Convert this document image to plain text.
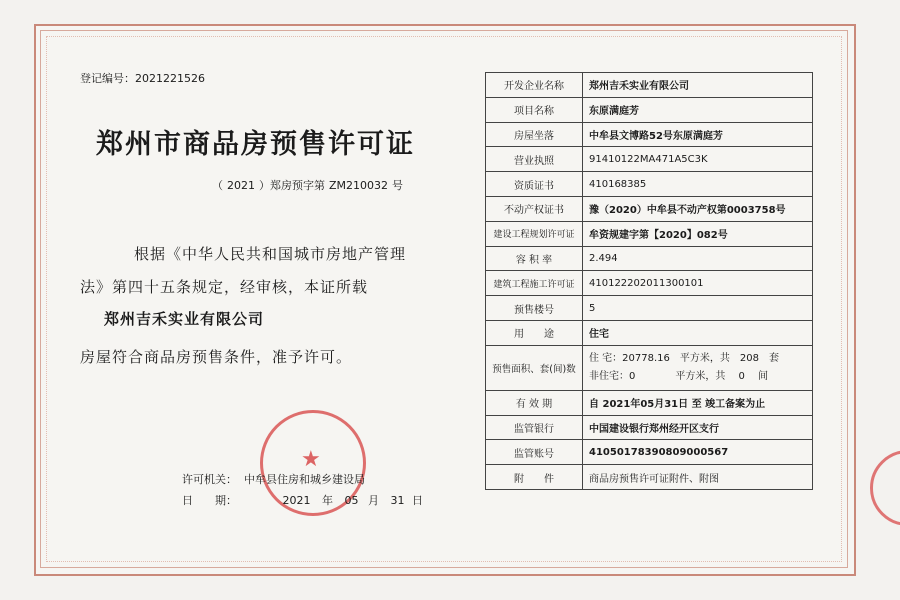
登记编号：2021221526
郑州市商品房预售许可证
（ 2021 ）郑房预字第 ZM210032 号
根据《中华人民共和国城市房地产管理
法》第四十五条规定，经审核，本证所载
郑州吉禾实业有限公司
房屋符合商品房预售条件，准予许可。
★
许可机关： 中牟县住房和城乡建设局
日　　期：	2021 年 05 月 31 日
开发企业名称	郑州吉禾实业有限公司
项目名称	东原满庭芳
房屋坐落	中牟县文博路52号东原满庭芳
营业执照	91410122MA471A5C3K
资质证书	410168385
不动产权证书	豫（2020）中牟县不动产权第0003758号
建设工程规划许可证	牟资规建字第【2020】082号
容 积 率	2.494
建筑工程施工许可证	410122202011300101
预售楼号	5
用　　途	住宅
预售面积、套(间)数	住 宅：20778.16　平方米，共　208　套
非住宅：0　　　　平方米，共　 0　 间

有 效 期	自 2021年05月31日 至 竣工备案为止
监管银行	中国建设银行郑州经开区支行
监管账号	41050178390809000567
附　　件	商品房预售许可证附件、附图
